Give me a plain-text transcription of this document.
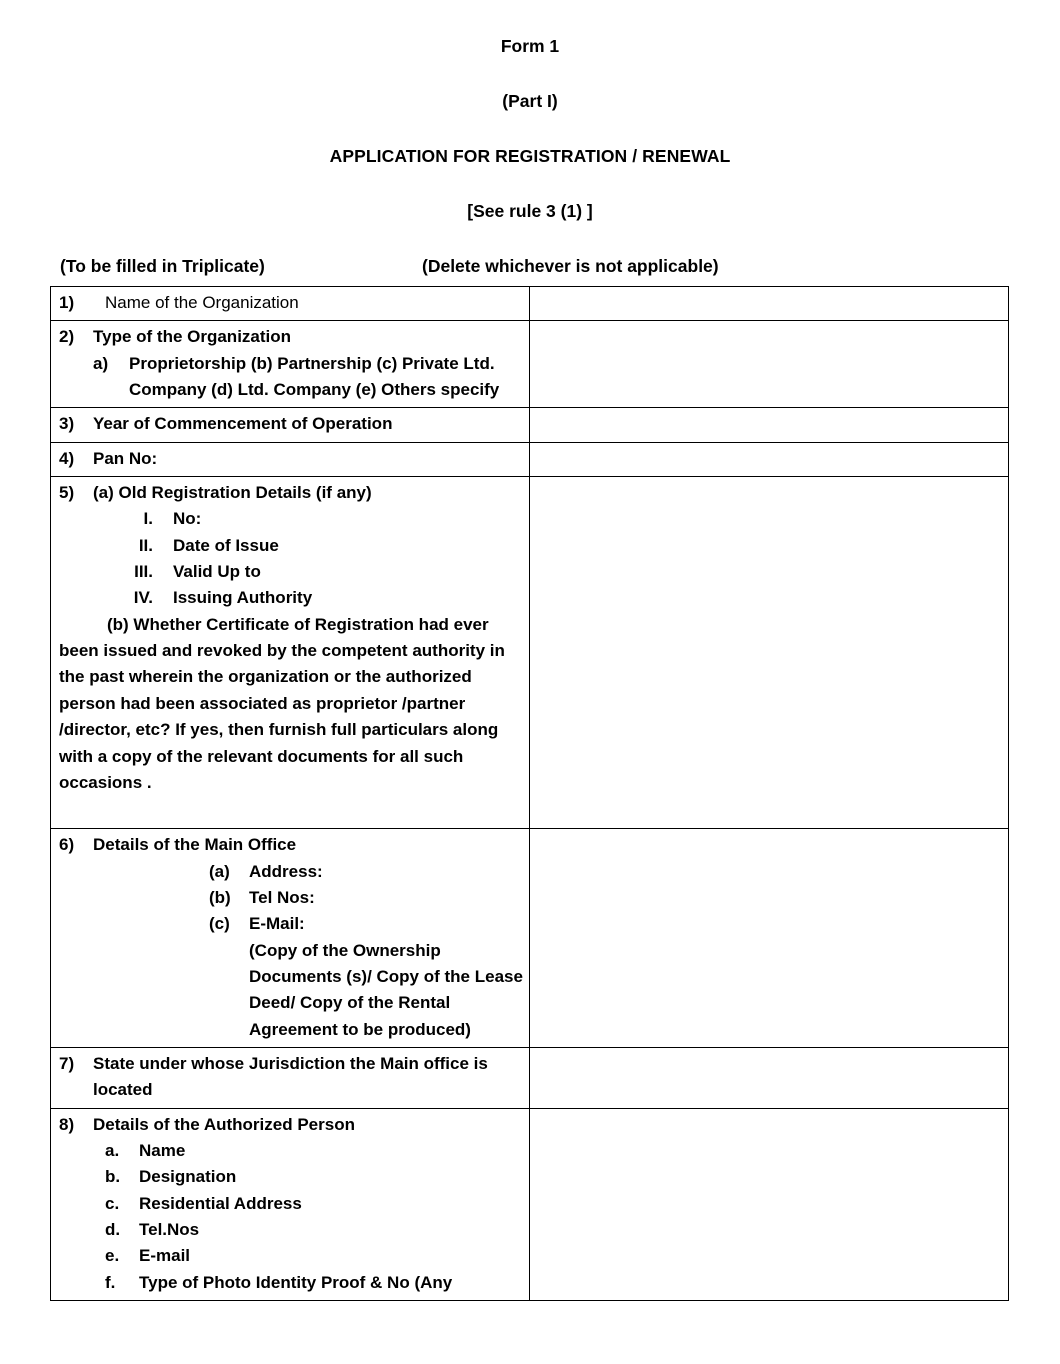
Form 1
(Part I)
APPLICATION FOR REGISTRATION / RENEWAL
[See rule 3 (1) ]
(To be filled in Triplicate)	(Delete whichever is not applicable)
1) Name of the Organization	

2) Type of the Organization
a) Proprietorship (b) Partnership (c) Private Ltd. Company (d) Ltd. Company (e) Others specify	

3) Year of Commencement of Operation	

4) Pan No:	

5)	(a) Old Registration Details (if any)
I.	No:
II.	Date of Issue
III.	Valid Up to
IV.	Issuing Authority
(b) Whether Certificate of Registration had ever been issued and revoked by the competent authority in the past wherein the organization or the authorized person had been associated as proprietor /partner /director, etc? If yes, then furnish full particulars along with a copy of the relevant documents for all such occasions .

6)	Details of the Main Office
(a)	Address:
(b)	Tel Nos:
(c)	E-Mail:
(Copy of the Ownership Documents (s)/ Copy of the Lease Deed/ Copy of the Rental Agreement to be produced)

7) State under whose Jurisdiction the Main office is located	

8)	Details of the Authorized Person
a.	Name
b.	Designation
c.	Residential Address
d.	Tel.Nos
e.	E-mail
f.	Type of Photo Identity Proof & No (Any
